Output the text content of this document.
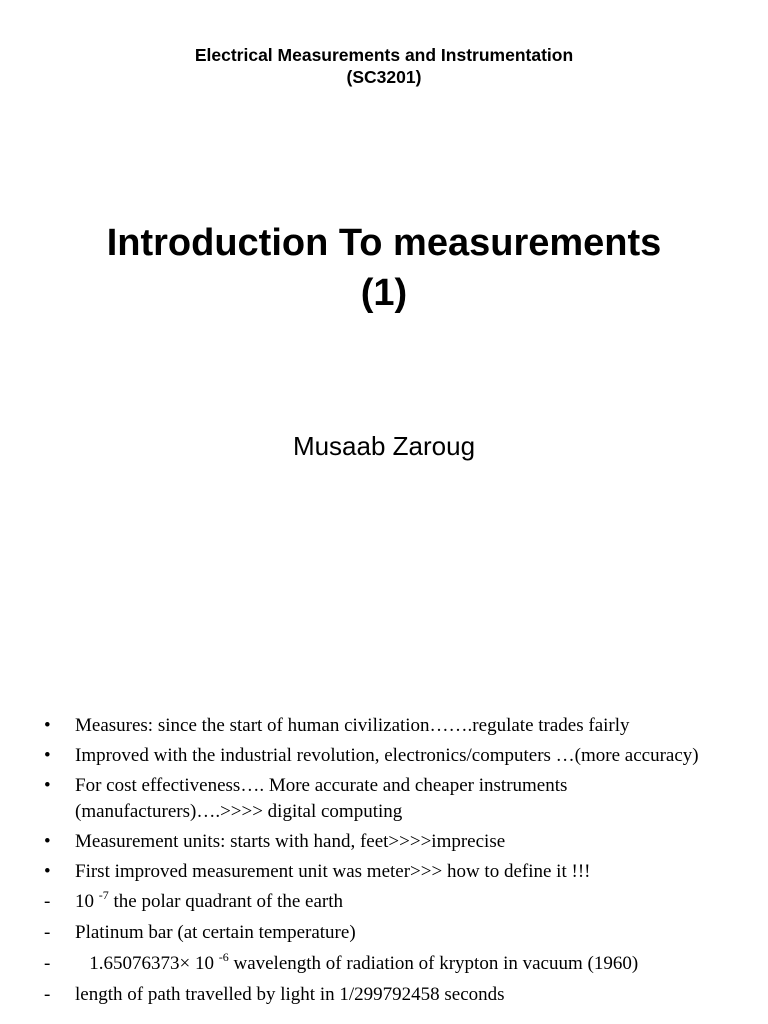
Electrical Measurements and Instrumentation
(SC3201)
Introduction To measurements
(1)
Musaab Zaroug
• Measures: since the start of human civilization…….regulate trades fairly
• Improved with the industrial revolution, electronics/computers …(more accuracy)
• For cost effectiveness…. More accurate and cheaper instruments (manufacturers)….>>>> digital computing
• Measurement units: starts with hand, feet>>>>imprecise
• First improved measurement unit was meter>>> how to define it !!!
- 10 $^{-7}$ the polar quadrant of the earth
- Platinum bar (at certain temperature)
- 1.65076373× 10 $^{-6}$ wavelength of radiation of krypton in vacuum (1960)
- length of path travelled by light in 1/299792458 seconds
